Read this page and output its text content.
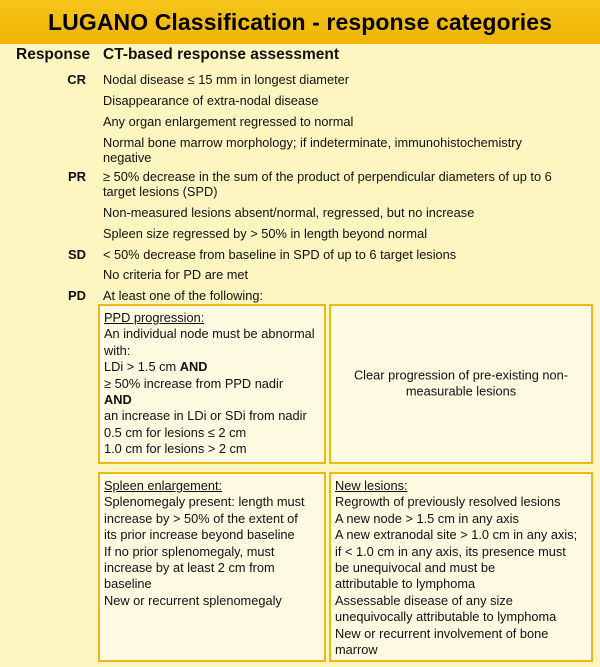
LUGANO Classification - response categories
Response CT-based response assessment
CR Nodal disease ≤ 15 mm in longest diameter
Disappearance of extra-nodal disease
Any organ enlargement regressed to normal
Normal bone marrow morphology; if indeterminate, immunohistochemistry
negative
PR ≥ 50% decrease in the sum of the product of perpendicular diameters of up to 6
target lesions (SPD)
Non-measured lesions absent/normal, regressed, but no increase
Spleen size regressed by > 50% in length beyond normal
SD < 50% decrease from baseline in SPD of up to 6 target lesions
No criteria for PD are met
PD At least one of the following:
PPD progression:
An individual node must be abnormal
with:
LDi > 1.5 cm AND
≥ 50% increase from PPD nadir
AND
an increase in LDi or SDi from nadir
0.5 cm for lesions ≤ 2 cm
1.0 cm for lesions > 2 cm
Clear progression of pre-existing non-
measurable lesions
Spleen enlargement:
Splenomegaly present: length must
increase by > 50% of the extent of
its prior increase beyond baseline
If no prior splenomegaly, must
increase by at least 2 cm from
baseline
New or recurrent splenomegaly
New lesions:
Regrowth of previously resolved lesions
A new node > 1.5 cm in any axis
A new extranodal site > 1.0 cm in any axis;
if < 1.0 cm in any axis, its presence must
be unequivocal and must be
attributable to lymphoma
Assessable disease of any size
unequivocally attributable to lymphoma
New or recurrent involvement of bone
marrow
